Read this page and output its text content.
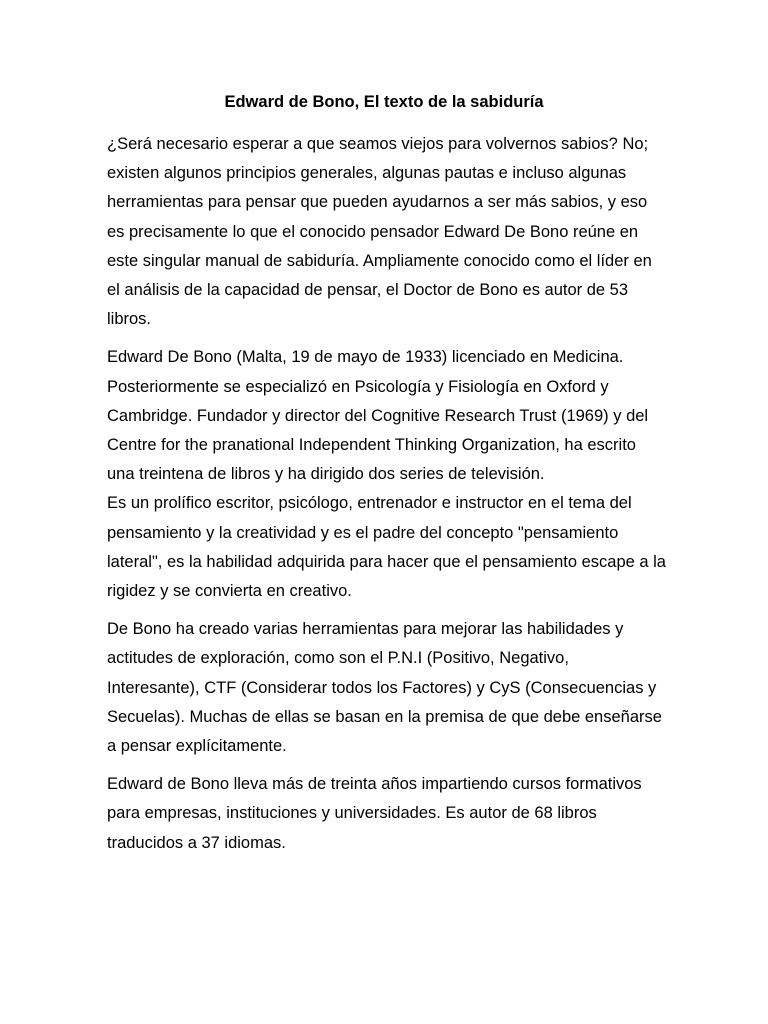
Edward de Bono, El texto de la sabiduría

¿Será necesario esperar a que seamos viejos para volvernos sabios? No;
existen algunos principios generales, algunas pautas e incluso algunas
herramientas para pensar que pueden ayudarnos a ser más sabios, y eso
es precisamente lo que el conocido pensador Edward De Bono reúne en
este singular manual de sabiduría. Ampliamente conocido como el líder en
el análisis de la capacidad de pensar, el Doctor de Bono es autor de 53
libros.

Edward De Bono (Malta, 19 de mayo de 1933) licenciado en Medicina.
Posteriormente se especializó en Psicología y Fisiología en Oxford y
Cambridge. Fundador y director del Cognitive Research Trust (1969) y del
Centre for the pranational Independent Thinking Organization, ha escrito
una treintena de libros y ha dirigido dos series de televisión.

Es un prolífico escritor, psicólogo, entrenador e instructor en el tema del
pensamiento y la creatividad y es el padre del concepto "pensamiento
lateral", es la habilidad adquirida para hacer que el pensamiento escape a la
rigidez y se convierta en creativo.

De Bono ha creado varias herramientas para mejorar las habilidades y
actitudes de exploración, como son el P.N.I (Positivo, Negativo,
Interesante), CTF (Considerar todos los Factores) y CyS (Consecuencias y
Secuelas). Muchas de ellas se basan en la premisa de que debe enseñarse
a pensar explícitamente.

Edward de Bono lleva más de treinta años impartiendo cursos formativos
para empresas, instituciones y universidades. Es autor de 68 libros
traducidos a 37 idiomas.
